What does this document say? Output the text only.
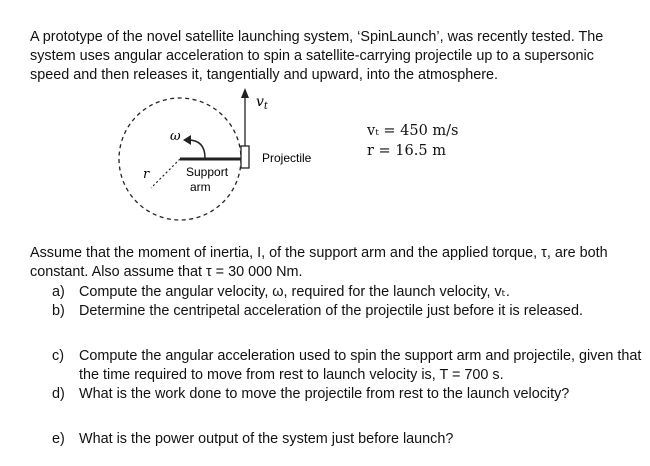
A prototype of the novel satellite launching system, ‘SpinLaunch’, was recently tested. The system uses angular acceleration to spin a satellite-carrying projectile up to a supersonic speed and then releases it, tangentially and upward, into the atmosphere.

$v_t$
ω
r	Support
arm
Projectile
vₜ = 450 m/s
r = 16.5 m

Assume that the moment of inertia, I, of the support arm and the applied torque, τ, are both constant. Also assume that τ = 30 000 Nm.

a) Compute the angular velocity, ω, required for the launch velocity, vₜ.
b) Determine the centripetal acceleration of the projectile just before it is released.
c)	Compute the angular acceleration used to spin the support arm and projectile, given that the time required to move from rest to launch velocity is, T = 700 s.
d) What is the work done to move the projectile from rest to the launch velocity?
e) What is the power output of the system just before launch?
